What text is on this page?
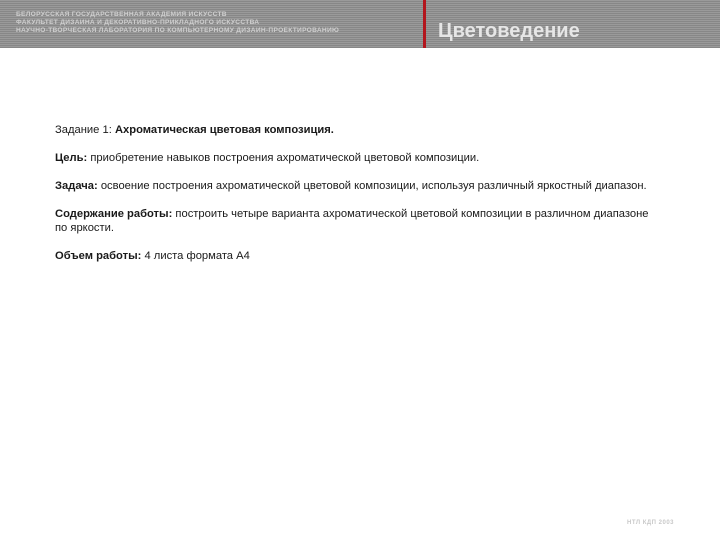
БЕЛОРУССКАЯ ГОСУДАРСТВЕННАЯ АКАДЕМИЯ ИСКУССТВ
ФАКУЛЬТЕТ ДИЗАЙНА И ДЕКОРАТИВНО-ПРИКЛАДНОГО ИСКУССТВА
НАУЧНО-ТВОРЧЕСКАЯ ЛАБОРАТОРИЯ ПО КОМПЬЮТЕРНОМУ ДИЗАЙН-ПРОЕКТИРОВАНИЮ	Цветоведение

Задание 1: Ахроматическая цветовая композиция.

Цель: приобретение навыков построения ахроматической цветовой композиции.

Задача: освоение построения ахроматической цветовой композиции, используя различный яркостный диапазон.

Содержание работы: построить четыре варианта ахроматической цветовой композиции в различном диапазоне по яркости.

Объем работы: 4 листа формата А4

НТЛ КДП 2003
